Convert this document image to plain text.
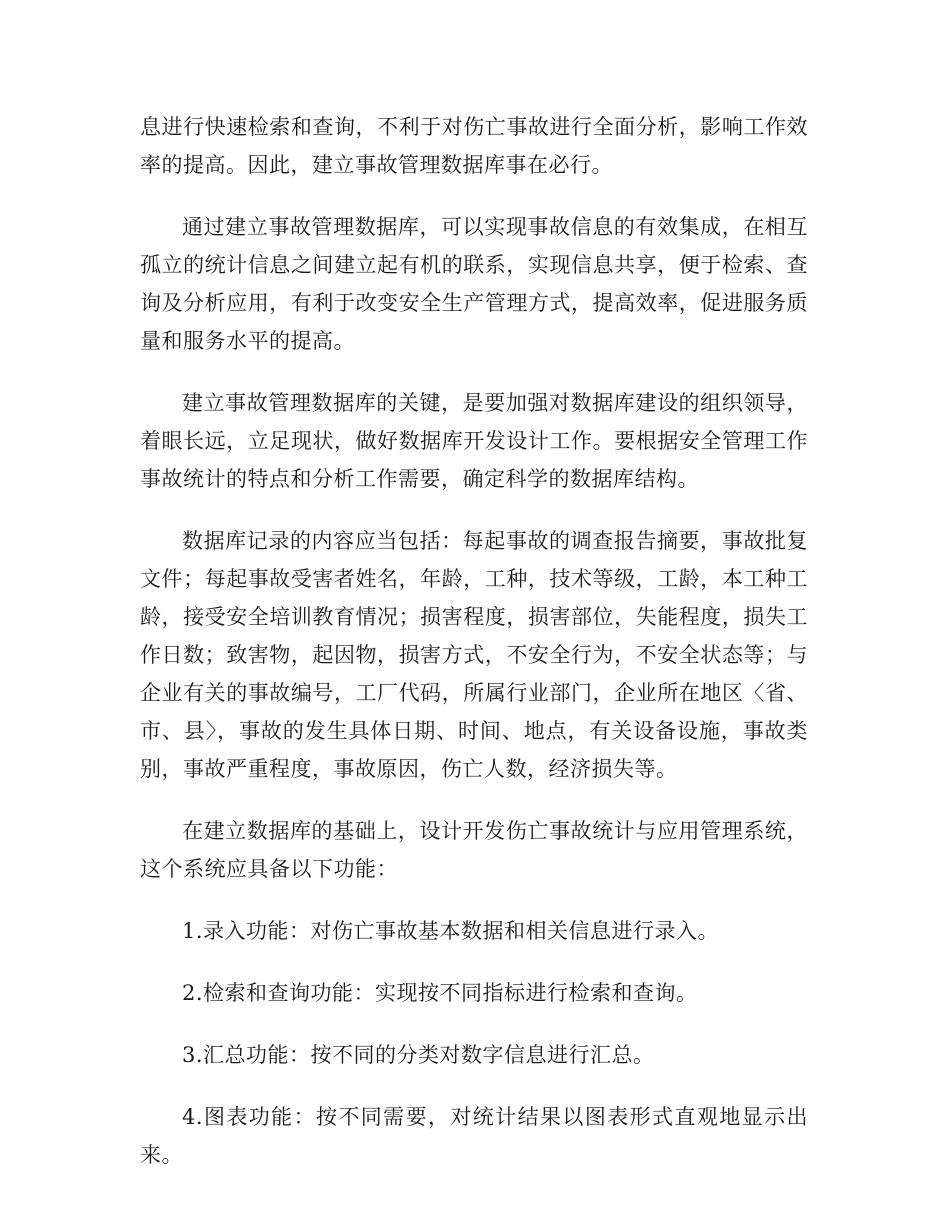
息进行快速检索和查询，不利于对伤亡事故进行全面分析，影响工作效率的提高。因此，建立事故管理数据库事在必行。

通过建立事故管理数据库，可以实现事故信息的有效集成，在相互孤立的统计信息之间建立起有机的联系，实现信息共享，便于检索、查询及分析应用，有利于改变安全生产管理方式，提高效率，促进服务质量和服务水平的提高。

建立事故管理数据库的关键，是要加强对数据库建设的组织领导，着眼长远，立足现状，做好数据库开发设计工作。要根据安全管理工作事故统计的特点和分析工作需要，确定科学的数据库结构。

数据库记录的内容应当包括：每起事故的调查报告摘要，事故批复文件；每起事故受害者姓名，年龄，工种，技术等级，工龄，本工种工龄，接受安全培训教育情况；损害程度，损害部位，失能程度，损失工作日数；致害物，起因物，损害方式，不安全行为，不安全状态等；与企业有关的事故编号，工厂代码，所属行业部门，企业所在地区〈省、市、县〉，事故的发生具体日期、时间、地点，有关设备设施，事故类别，事故严重程度，事故原因，伤亡人数，经济损失等。

在建立数据库的基础上，设计开发伤亡事故统计与应用管理系统，这个系统应具备以下功能：

1.录入功能：对伤亡事故基本数据和相关信息进行录入。

2.检索和查询功能：实现按不同指标进行检索和查询。

3.汇总功能：按不同的分类对数字信息进行汇总。

4.图表功能：按不同需要，对统计结果以图表形式直观地显示出来。
